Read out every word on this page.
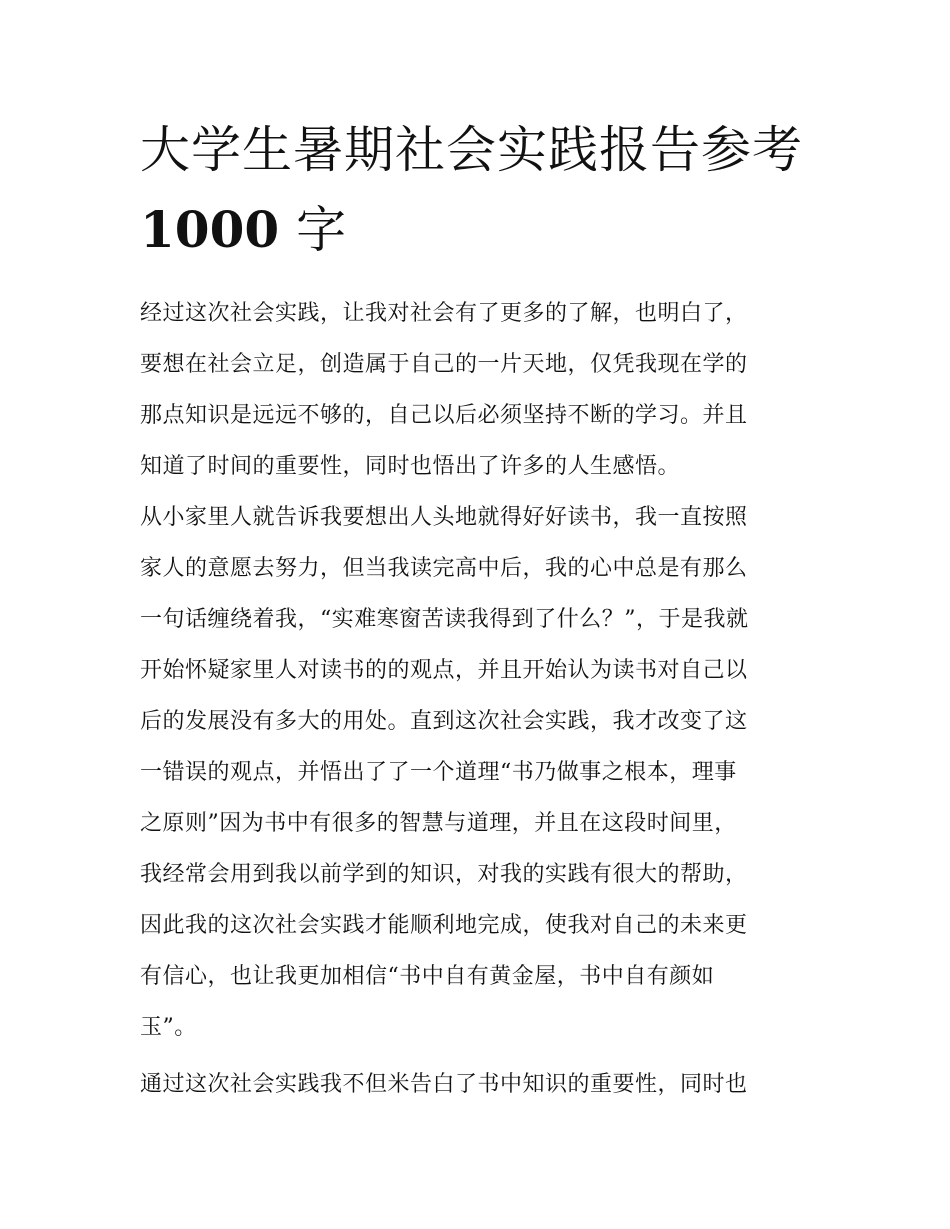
大学生暑期社会实践报告参考
1000 字

经过这次社会实践，让我对社会有了更多的了解，也明白了，
要想在社会立足，创造属于自己的一片天地，仅凭我现在学的
那点知识是远远不够的，自己以后必须坚持不断的学习。并且
知道了时间的重要性，同时也悟出了许多的人生感悟。

从小家里人就告诉我要想出人头地就得好好读书，我一直按照
家人的意愿去努力，但当我读完高中后，我的心中总是有那么
一句话缠绕着我，“实难寒窗苦读我得到了什么？”，于是我就
开始怀疑家里人对读书的的观点，并且开始认为读书对自己以
后的发展没有多大的用处。直到这次社会实践，我才改变了这
一错误的观点，并悟出了了一个道理“书乃做事之根本，理事
之原则”因为书中有很多的智慧与道理，并且在这段时间里，
我经常会用到我以前学到的知识，对我的实践有很大的帮助，
因此我的这次社会实践才能顺利地完成，使我对自己的未来更
有信心，也让我更加相信“书中自有黄金屋，书中自有颜如
玉”。

通过这次社会实践我不但米告白了书中知识的重要性，同时也
